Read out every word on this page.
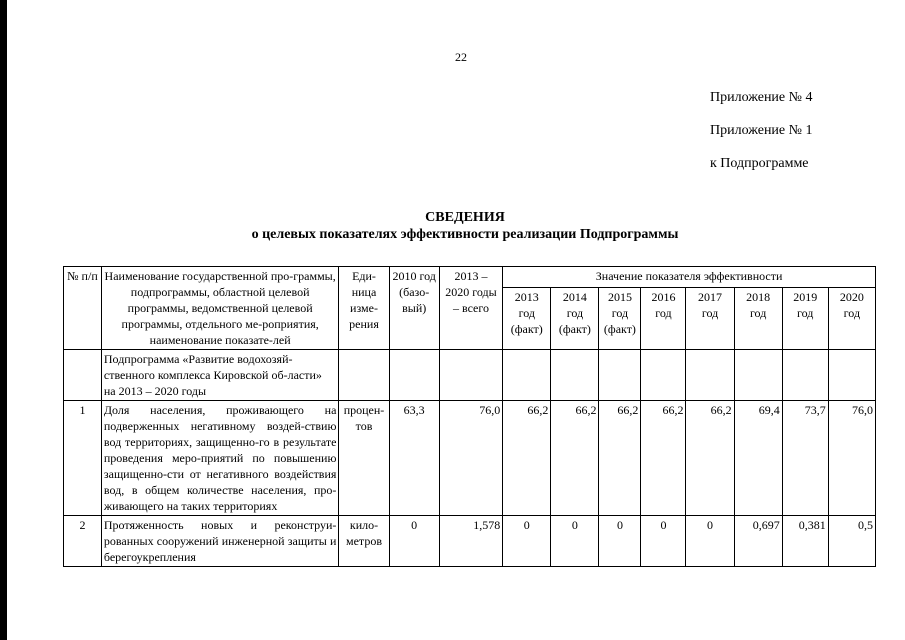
22
Приложение № 4
Приложение № 1
к Подпрограмме
СВЕДЕНИЯ
о целевых показателях эффективности реализации Подпрограммы
№ п/п	Наименование государственной про-граммы, подпрограммы, областной целевой программы, ведомственной целевой программы, отдельного ме-роприятия, наименование показате-лей	Еди-ница изме-рения	2010 год (базо-вый)	2013 – 2020 годы – всего	Значение показателя эффективности							
					2013 год (факт)	2014 год (факт)	2015 год (факт)	2016 год	2017 год	2018 год	2019 год	2020 год
	Подпрограмма «Развитие водохозяй-ственного комплекса Кировской об-ласти» на 2013 – 2020 годы											
1	Доля населения, проживающего на подверженных негативному воздей-ствию вод территориях, защищенно-го в результате проведения меро-приятий по повышению защищенно-сти от негативного воздействия вод, в общем количестве населения, про-живающего на таких территориях	процен-тов	63,3	76,0	66,2	66,2	66,2	66,2	66,2	69,4	73,7	76,0
2	Протяженность новых и реконструи-рованных сооружений инженерной защиты и берегоукрепления	кило-метров	0	1,578	0	0	0	0	0	0,697	0,381	0,5
